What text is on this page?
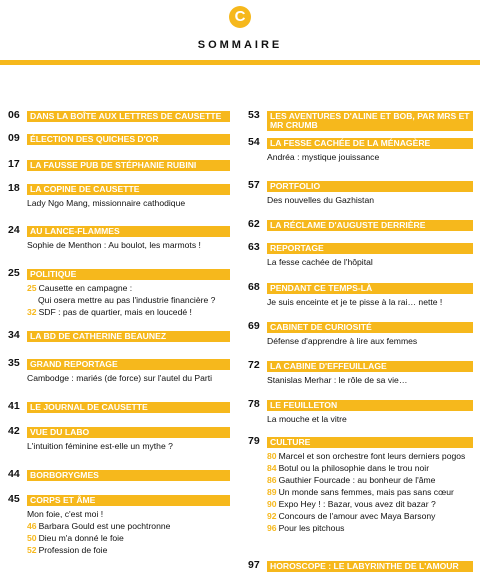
C
SOMMAIRE
06	DANS LA BOÎTE AUX LETTRES DE CAUSETTE
09	ÉLECTION DES QUICHES D'OR
17	LA FAUSSE PUB DE STÉPHANIE RUBINI
18	LA COPINE DE CAUSETTE
Lady Ngo Mang, missionnaire cathodique
24	AU LANCE-FLAMMES
Sophie de Menthon : Au boulot, les marmots !
25	POLITIQUE
25 Causette en campagne :
Qui osera mettre au pas l'industrie financière ?
32 SDF : pas de quartier, mais en loucedé !
34	LA BD DE CATHERINE BEAUNEZ
35	GRAND REPORTAGE
Cambodge : mariés (de force) sur l'autel du Parti
41	LE JOURNAL DE CAUSETTE
42	VUE DU LABO
L'intuition féminine est-elle un mythe ?
44	BORBORYGMES
45	CORPS ET ÂME
Mon foie, c'est moi !
46 Barbara Gould est une pochtronne
50 Dieu m'a donné le foie
52 Profession de foie
53	LES AVENTURES D'ALINE ET BOB, PAR MRS ET MR CRUMB
54	LA FESSE CACHÉE DE LA MÉNAGÈRE
Andréa : mystique jouissance
57	PORTFOLIO
Des nouvelles du Gazhistan
62	LA RÉCLAME D'AUGUSTE DERRIÈRE
63	REPORTAGE
La fesse cachée de l'hôpital
68	PENDANT CE TEMPS-LÀ
Je suis enceinte et je te pisse à la rai… nette !
69	CABINET DE CURIOSITÉ
Défense d'apprendre à lire aux femmes
72	LA CABINE D'EFFEUILLAGE
Stanislas Merhar : le rôle de sa vie…
78	LE FEUILLETON
La mouche et la vitre
79	CULTURE
80 Marcel et son orchestre font leurs derniers pogos
84 Botul ou la philosophie dans le trou noir
86 Gauthier Fourcade : au bonheur de l'âme
89 Un monde sans femmes, mais pas sans cœur
90 Expo Hey ! : Bazar, vous avez dit bazar ?
92 Concours de l'amour avec Maya Barsony
96 Pour les pitchous
97	HOROSCOPE : LE LABYRINTHE DE L'AMOUR
